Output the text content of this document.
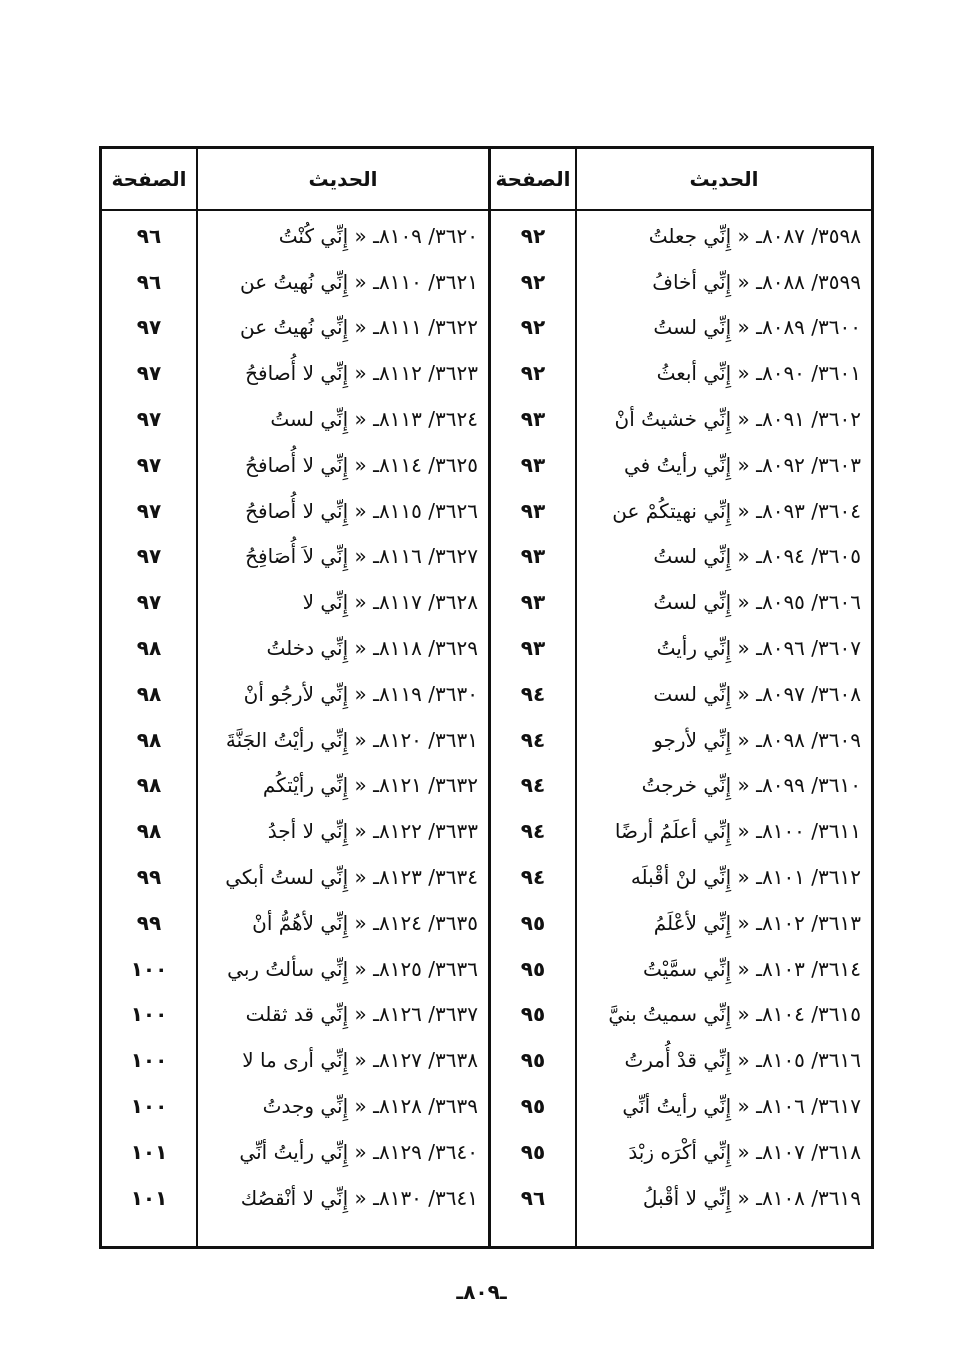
الصفحة	الحديث	الصفحة	الحديث
٩٦	٣٦٢٠/ ٨١٠٩ـ « إِنِّي كُنْتُ	٩٢	٣٥٩٨/ ٨٠٨٧ـ « إِنِّي جعلتُ
٩٦	٣٦٢١/ ٨١١٠ـ « إِنِّي نُهيتُ عن	٩٢	٣٥٩٩/ ٨٠٨٨ـ « إِنِّي أخافُ
٩٧	٣٦٢٢/ ٨١١١ـ « إِنِّي نُهيتُ عن	٩٢	٣٦٠٠/ ٨٠٨٩ـ « إِنِّي لستُ
٩٧	٣٦٢٣/ ٨١١٢ـ « إِنِّي لا أُصافحُ	٩٢	٣٦٠١/ ٨٠٩٠ـ « إِنِّي أبعثُ
٩٧	٣٦٢٤/ ٨١١٣ـ « إِنِّي لستُ	٩٣	٣٦٠٢/ ٨٠٩١ـ « إِنِّي خشيتُ أنْ
٩٧	٣٦٢٥/ ٨١١٤ـ « إِنِّي لا أُصافحُ	٩٣	٣٦٠٣/ ٨٠٩٢ـ « إِنِّي رأيتُ في
٩٧	٣٦٢٦/ ٨١١٥ـ « إِنِّي لا أُصافحُ	٩٣	٣٦٠٤/ ٨٠٩٣ـ « إِنِّي نهيتكُمْ عن
٩٧	٣٦٢٧/ ٨١١٦ـ « إِنِّي لاَ أُصَافِحُ	٩٣	٣٦٠٥/ ٨٠٩٤ـ « إِنِّي لستُ
٩٧	٣٦٢٨/ ٨١١٧ـ « إِنِّي لا	٩٣	٣٦٠٦/ ٨٠٩٥ـ « إِنِّي لستُ
٩٨	٣٦٢٩/ ٨١١٨ـ « إِنِّي دخلتُ	٩٣	٣٦٠٧/ ٨٠٩٦ـ « إِنِّي رأيتُ
٩٨	٣٦٣٠/ ٨١١٩ـ « إِنِّي لأرجُو أنْ	٩٤	٣٦٠٨/ ٨٠٩٧ـ « إِنِّي لست
٩٨	٣٦٣١/ ٨١٢٠ـ « إِنِّي رأيْتُ الجَنَّةَ	٩٤	٣٦٠٩/ ٨٠٩٨ـ « إِنِّي لأرجو
٩٨	٣٦٣٢/ ٨١٢١ـ « إِنِّي رأيْتكُم	٩٤	٣٦١٠/ ٨٠٩٩ـ « إِنِّي خرجتُ
٩٨	٣٦٣٣/ ٨١٢٢ـ « إِنِّي لا أجدُ	٩٤	٣٦١١/ ٨١٠٠ـ « إِنِّي أعلَمُ أرضًا
٩٩	٣٦٣٤/ ٨١٢٣ـ « إِنِّي لستُ أبكي	٩٤	٣٦١٢/ ٨١٠١ـ « إِنِّي لنْ أقْبلَه
٩٩	٣٦٣٥/ ٨١٢٤ـ « إِنِّي لأهُمُّ أنْ	٩٥	٣٦١٣/ ٨١٠٢ـ « إِنِّي لأعْلَمُ
١٠٠	٣٦٣٦/ ٨١٢٥ـ « إِنِّي سألتُ ربي	٩٥	٣٦١٤/ ٨١٠٣ـ « إِنِّي سمَّيْتُ
١٠٠	٣٦٣٧/ ٨١٢٦ـ « إِنِّي قد ثقلت	٩٥	٣٦١٥/ ٨١٠٤ـ « إِنِّي سميتُ بنيَّ
١٠٠	٣٦٣٨/ ٨١٢٧ـ « إِنِّي أرى ما لا	٩٥	٣٦١٦/ ٨١٠٥ـ « إِنِّي قدْ أُمرتُ
١٠٠	٣٦٣٩/ ٨١٢٨ـ « إِنِّي وجدتُ	٩٥	٣٦١٧/ ٨١٠٦ـ « إِنِّي رأيتُ أنِّي
١٠١	٣٦٤٠/ ٨١٢٩ـ « إِنِّي رأيتُ أنِّي	٩٥	٣٦١٨/ ٨١٠٧ـ « إِنِّي أكْرَه زبْدَ
١٠١	٣٦٤١/ ٨١٣٠ـ « إِنِّي لا أنْقصُك	٩٦	٣٦١٩/ ٨١٠٨ـ « إِنِّي لا أقْبلُ
ـ٨٠٩ـ
